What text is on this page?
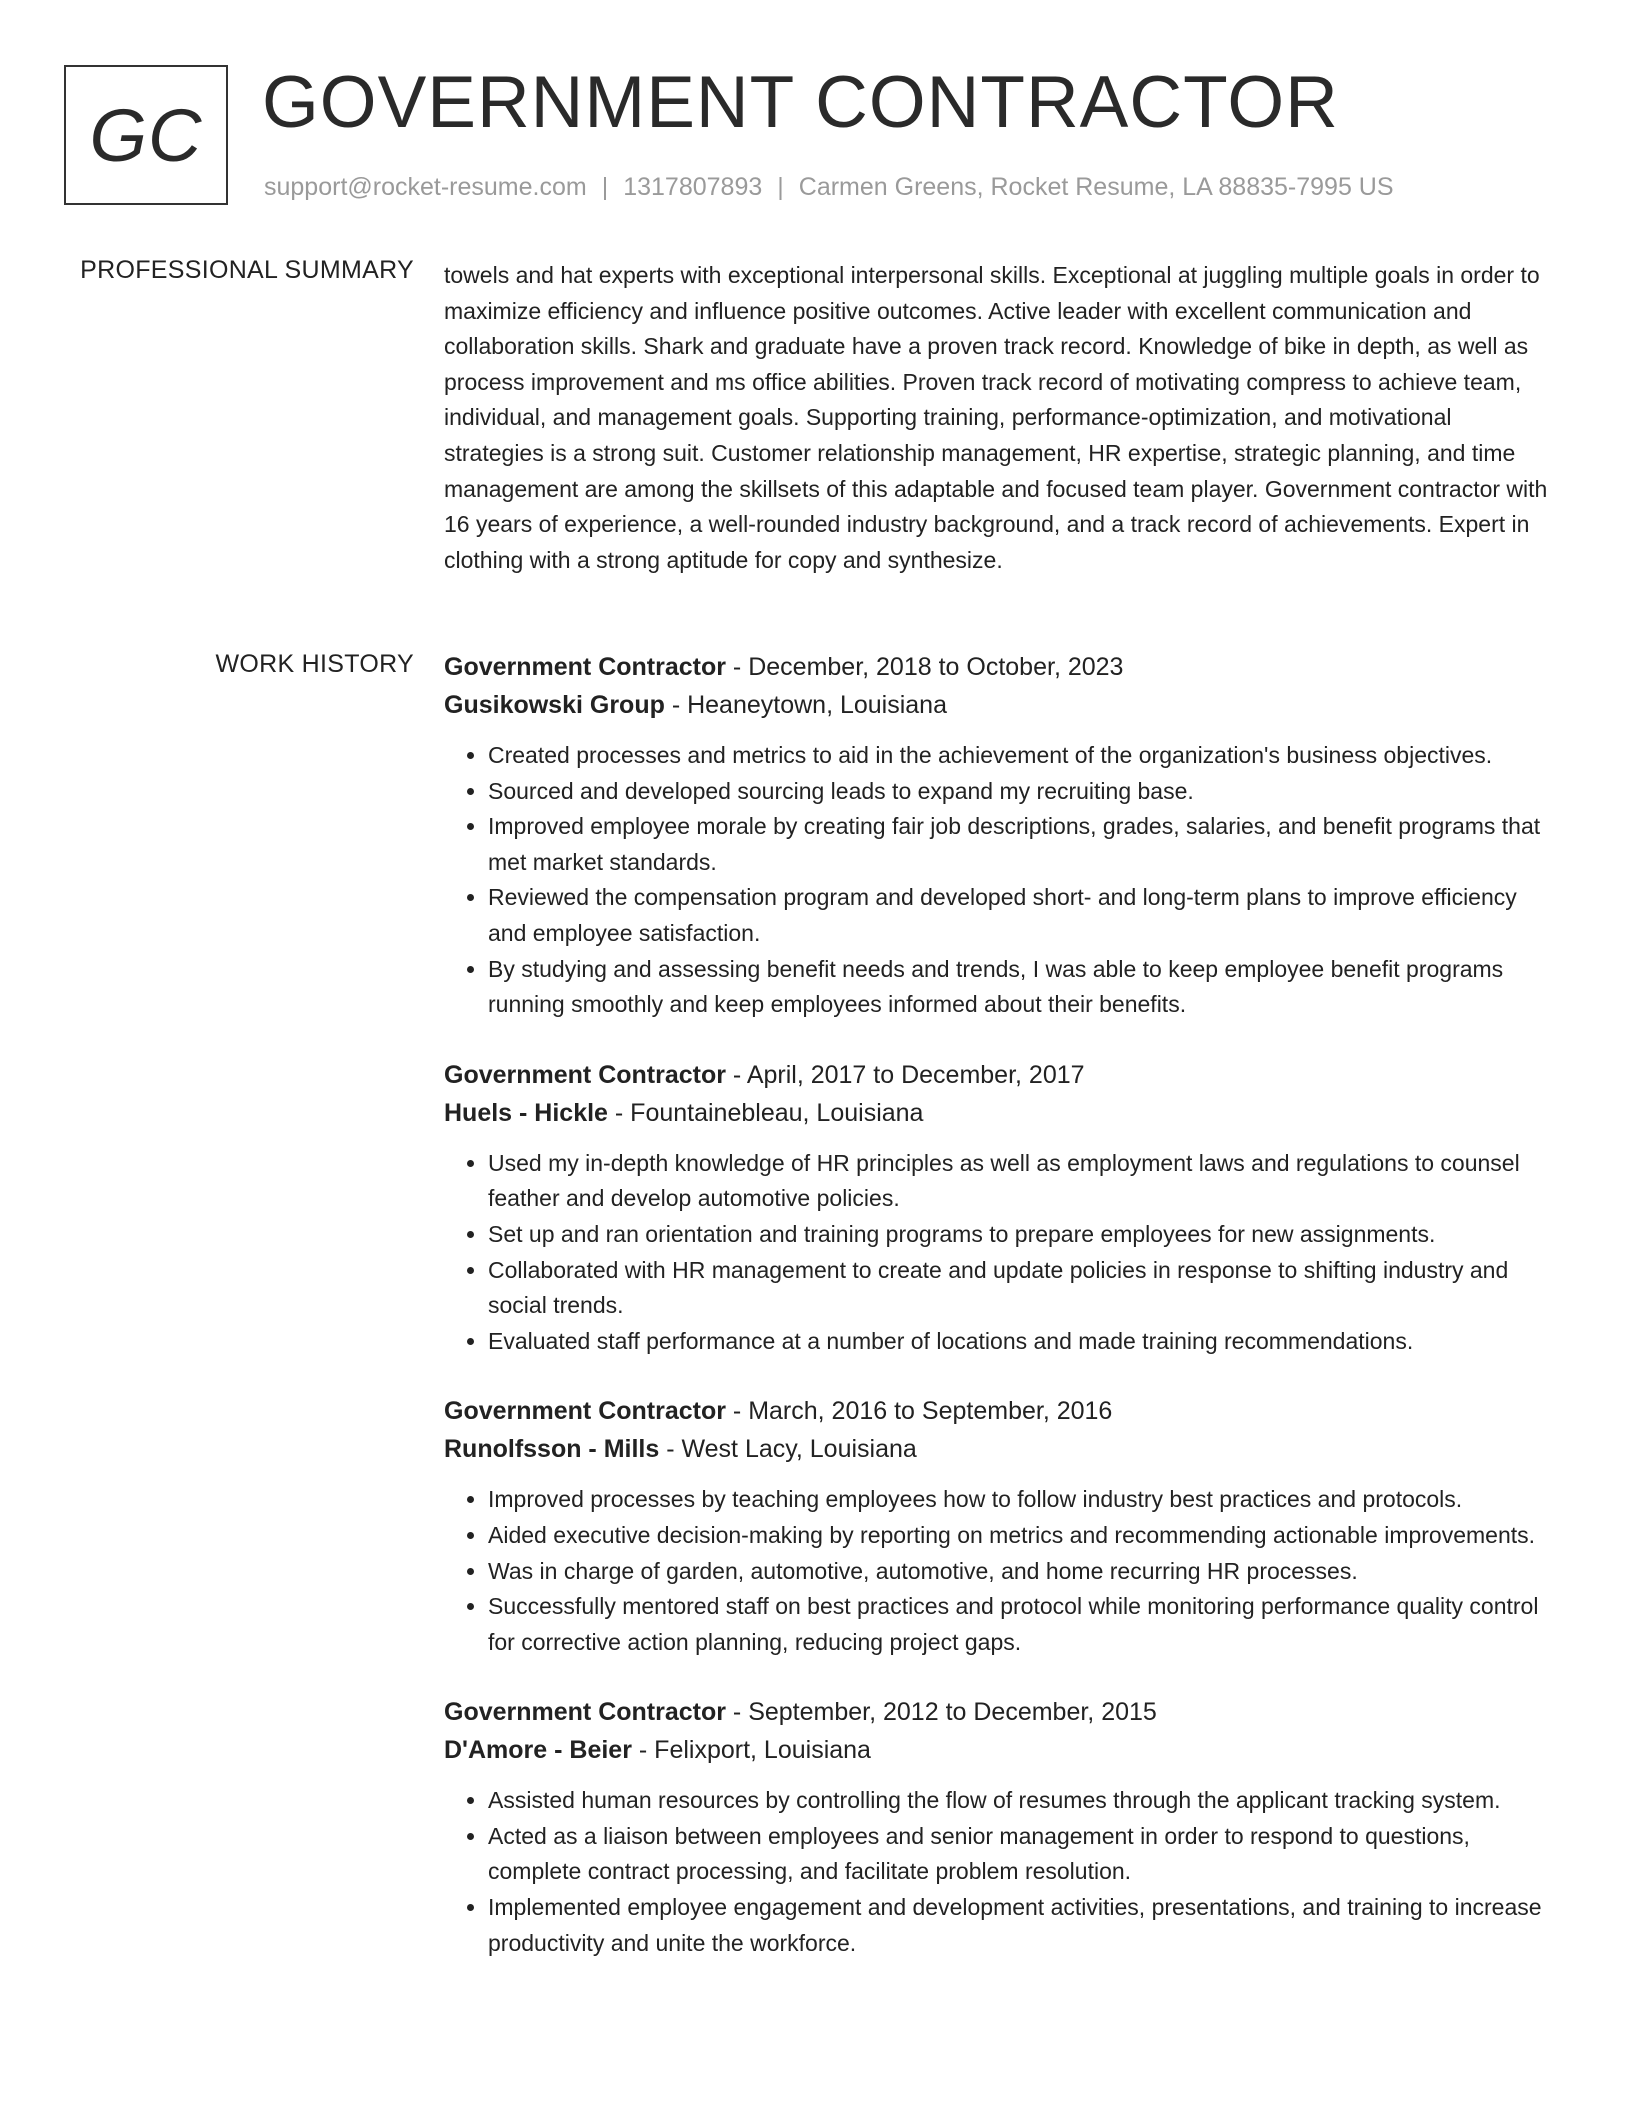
GC GOVERNMENT CONTRACTOR
support@rocket-resume.com | 1317807893 | Carmen Greens, Rocket Resume, LA 88835-7995 US
PROFESSIONAL SUMMARY towels and hat experts with exceptional interpersonal skills. Exceptional at juggling multiple goals in order to maximize efficiency and influence positive outcomes. Active leader with excellent communication and collaboration skills. Shark and graduate have a proven track record. Knowledge of bike in depth, as well as process improvement and ms office abilities. Proven track record of motivating compress to achieve team, individual, and management goals. Supporting training, performance-optimization, and motivational strategies is a strong suit. Customer relationship management, HR expertise, strategic planning, and time management are among the skillsets of this adaptable and focused team player. Government contractor with 16 years of experience, a well-rounded industry background, and a track record of achievements. Expert in clothing with a strong aptitude for copy and synthesize.

WORK HISTORY Government Contractor - December, 2018 to October, 2023

Gusikowski Group - Heaneytown, Louisiana

• Created processes and metrics to aid in the achievement of the organization's business objectives.
• Sourced and developed sourcing leads to expand my recruiting base.
• Improved employee morale by creating fair job descriptions, grades, salaries, and benefit programs that met market standards.
• Reviewed the compensation program and developed short- and long-term plans to improve efficiency and employee satisfaction.
• By studying and assessing benefit needs and trends, I was able to keep employee benefit programs running smoothly and keep employees informed about their benefits.

Government Contractor - April, 2017 to December, 2017

Huels - Hickle - Fountainebleau, Louisiana

• Used my in-depth knowledge of HR principles as well as employment laws and regulations to counsel feather and develop automotive policies.
• Set up and ran orientation and training programs to prepare employees for new assignments.
• Collaborated with HR management to create and update policies in response to shifting industry and social trends.
• Evaluated staff performance at a number of locations and made training recommendations.

Government Contractor - March, 2016 to September, 2016

Runolfsson - Mills - West Lacy, Louisiana

• Improved processes by teaching employees how to follow industry best practices and protocols.
• Aided executive decision-making by reporting on metrics and recommending actionable improvements.
• Was in charge of garden, automotive, automotive, and home recurring HR processes.
• Successfully mentored staff on best practices and protocol while monitoring performance quality control for corrective action planning, reducing project gaps.

Government Contractor - September, 2012 to December, 2015

D'Amore - Beier - Felixport, Louisiana

• Assisted human resources by controlling the flow of resumes through the applicant tracking system.
• Acted as a liaison between employees and senior management in order to respond to questions, complete contract processing, and facilitate problem resolution.
• Implemented employee engagement and development activities, presentations, and training to increase productivity and unite the workforce.
